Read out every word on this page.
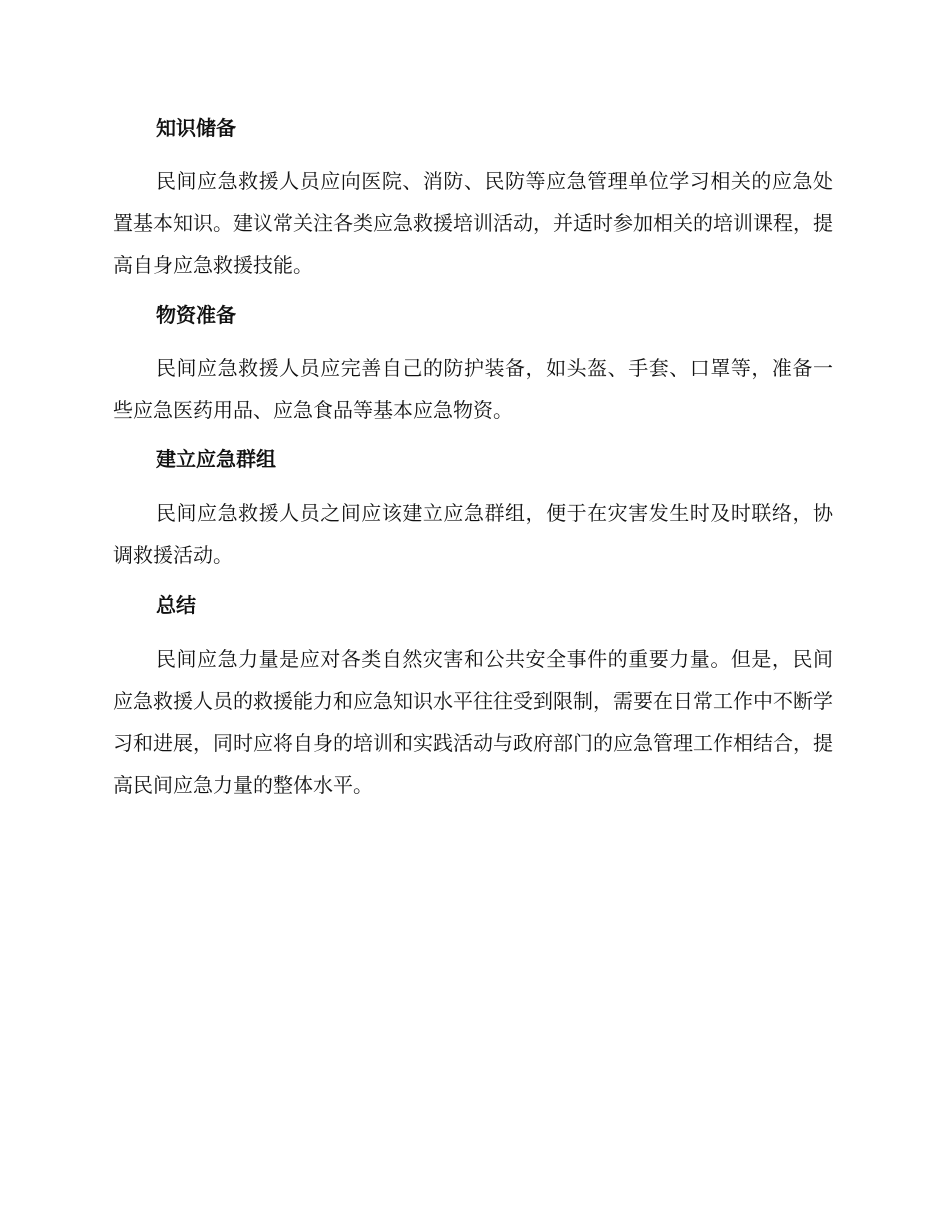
知识储备

民间应急救援人员应向医院、消防、民防等应急管理单位学习相关的应急处置基本知识。建议常关注各类应急救援培训活动，并适时参加相关的培训课程，提高自身应急救援技能。

物资准备

民间应急救援人员应完善自己的防护装备，如头盔、手套、口罩等，准备一些应急医药用品、应急食品等基本应急物资。

建立应急群组

民间应急救援人员之间应该建立应急群组，便于在灾害发生时及时联络，协调救援活动。

总结

民间应急力量是应对各类自然灾害和公共安全事件的重要力量。但是，民间应急救援人员的救援能力和应急知识水平往往受到限制，需要在日常工作中不断学习和进展，同时应将自身的培训和实践活动与政府部门的应急管理工作相结合，提高民间应急力量的整体水平。
